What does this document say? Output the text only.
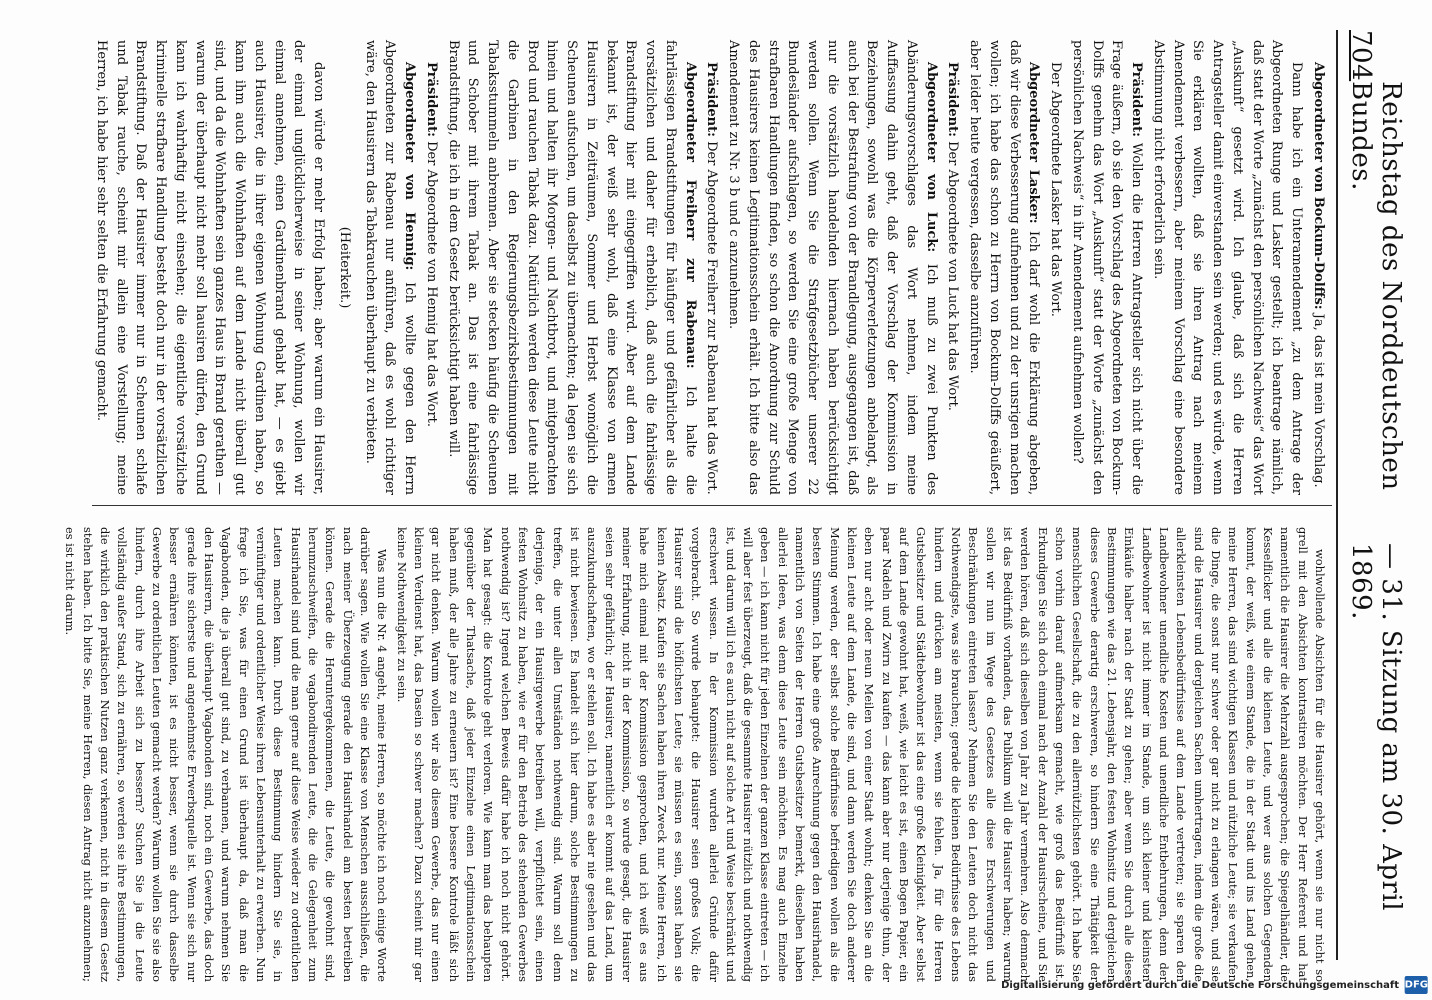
704
Reichstag des Norddeutschen Bundes.
— 31. Sitzung am 30. April 1869.

Abgeordneter von Bockum-Dolffs: Ja, das ist mein Vorschlag.

Dann habe ich ein Unteramendement „zu dem Antrage der Abgeordneten Runge und Lasker gestellt; ich beantrage nämlich, daß statt der Worte „zunächst den persönlichen Nachweis“ das Wort „Auskunft“ gesetzt wird. Ich glaube, daß sich die Herren Antragsteller damit einverstanden sein werden; und es würde, wenn Sie erklären wollten, daß sie ihren Antrag nach meinem Amendement verbessern, aber meinem Vorschlag eine besondere Abstimmung nicht erforderlich sein.

Präsident: Wollen die Herren Antragsteller sich nicht über die Frage äußern, ob sie den Vorschlag des Abgeordneten von Bockum-Dolffs genehm das Wort „Auskunft“ statt der Worte „zunächst den persönlichen Nachweis“ in ihr Amendement aufnehmen wollen?

Der Abgeordnete Lasker hat das Wort.

Abgeordneter Lasker: Ich darf wohl die Erklärung abgeben, daß wir diese Verbesserung aufnehmen und zu der unsrigen machen wollen; ich habe das schon zu Herrn von Bockum-Dolffs geäußert, aber leider heute vergessen, dasselbe anzuführen.

Präsident: Der Abgeordnete von Luck hat das Wort.

Abgeordneter von Luck: Ich muß zu zwei Punkten des Abänderungsvorschlages das Wort nehmen, indem meine Auffassung dahin geht, daß der Vorschlag der Kommission in Beziehungen, sowohl was die Körperverletzungen anbelangt, als auch bei der Bestrafung von der Brandlegung, ausgegangen ist, daß nur die vorsätzlich handelnden hiernach haben berücksichtigt werden sollen. Wenn Sie die Strafgesetzbücher unserer 22 Bundesländer aufschlagen, so werden Sie eine große Menge von strafbaren Handlungen finden, so schon die Anordnung zur Schuld des Hausirers keinen Legitimationsschein erhält. Ich bitte also das Amendement zu Nr. 3 b und c anzunehmen.

Präsident: Der Abgeordnete Freiherr zur Rabenau hat das Wort.

Abgeordneter Freiherr zur Rabenau: Ich halte die fahrlässigen Brandstiftungen für häufiger und gefährlicher als die vorsätzlichen und daher für erheblich, daß auch die fahrlässige Brandstiftung hier mit eingegriffen wird. Aber auf dem Lande bekannt ist, der weiß sehr wohl, daß eine Klasse von armen Hausirern in Zeiträumen, Sommer und Herbst womöglich die Scheunen aufsuchen, um daselbst zu übernachten; da legen sie sich hinein und halten ihr Morgen- und Nachtbrot, und mitgebrachten Brod und rauchen Tabak dazu. Natürlich werden diese Leute nicht die Garbinen in den Regierungsbezirksbestimmungen mit Tabaksstummeln anbrennen. Aber sie stecken häufig die Scheunen und Schober mit ihrem Tabak an. Das ist eine fahrlässige Brandstiftung, die ich in dem Gesetz berücksichtigt haben will.

Präsident: Der Abgeordnete von Hennig hat das Wort.

Abgeordneter von Hennig: Ich wollte gegen den Herrn Abgeordneten zur Rabenau nur anführen, daß es wohl richtiger wäre, den Hausirern das Tabakrauchen überhaupt zu verbieten.

(Heiterkeit.)

davon würde er mehr Erfolg haben; aber warum ein Hausirer, der einmal unglücklicherweise in seiner Wohnung, wollen wir einmal annehmen, einen Gardinenbrand gehabt hat, — es giebt auch Hausirer, die in ihrer eigenen Wohnung Gardinen haben, so kann ihm auch die Wohnhaften auf dem Lande nicht überall gut sind, und da die Wohnhaften sein ganzes Haus in Brand gerathen — warum der überhaupt nicht mehr soll hausiren dürfen, den Grund kann ich wahrhaftig nicht einsehen; die eigentliche vorsätzliche kriminelle strafbare Handlung besteht doch nur in der vorsätzlichen Brandstiftung. Daß der Hausirer immer nur in Scheunen schlafe und Tabak rauche, scheint mir allein eine Vorstellung; meine Herren, ich habe hier sehr selten die Erfahrung gemacht.

wohlwollende Absichten für die Hausirer gehört, wenn sie nur nicht so grell mit den Absichten kontrastiren möchten. Der Herr Referent und hat namentlich die Hausirer die Mehrzahl ausgesprochen; die Spiegelhändler, die Kesselflicker und alle die kleinen Leute, und wer aus solchen Gegenden kommt, der weiß, wie einem Stande, die in der Stadt und ins Land gehen, meine Herren, das sind wichtigen Klassen und nützliche Leute; sie verkaufen die Dinge, die sonst nur schwer oder gar nicht zu erlangen wären, und sie sind die Hausirer und dergleichen Sachen umhertragen, indem die große die allerkleinsten Lebensbedürfnisse auf dem Lande vertreten; sie sparen den Landbewohner unendliche Kosten und unendliche Entbehrungen, denn der Landbewohner ist nicht immer im Stande, um sich kleiner und kleinsten Einkäufe halber nach der Stadt zu gehen; aber wenn Sie durch alle diese Bestimmungen wie das 21. Lebensjahr, den festen Wohnsitz und dergleichen dieses Gewerbe derartig erschweren, so hindern Sie eine Thätigkeit der menschlichen Gesellschaft, die zu den allernützlichsten gehört. Ich habe Sie schon vorhin darauf aufmerksam gemacht, wie groß das Bedürfniß ist. Erkundigen Sie sich doch einmal nach der Anzahl der Hausirscheine, und Sie werden hören, daß sich dieselben von Jahr zu Jahr vermehren. Also demnach ist das Bedürfniß vorhanden, das Publikum will die Hausirer haben; warum sollen wir nun im Wege des Gesetzes alle diese Erschwerungen und Beschränkungen eintreten lassen? Nehmen Sie den Leuten doch nicht das Nothwendigste, was sie brauchen; gerade die kleinen Bedürfnisse des Lebens hindern und drücken am meisten, wenn sie fehlen. Ja, für die Herren Gutsbesitzer und Städtebewohner ist das eine große Kleinigkeit. Aber selbst auf dem Lande gewohnt hat, weiß, wie leicht es ist, einen Bogen Papier, ein paar Nadeln und Zwirn zu kaufen — das kann aber nur derjenige thun, der eben nur acht oder neun Meilen von einer Stadt wohnt; denken Sie an die kleinen Leute auf dem Lande, die sind, und dann werden Sie doch anderer Meinung werden, der selbst solche Bedürfnisse befriedigen wollen als die besten Stimmen. Ich habe eine große Anrechnung gegen den Hausirhandel, namentlich von Seiten der Herren Gutsbesitzer bemerkt, dieselben haben allerlei Ideen, was denn diese Leute sein möchten. Es mag auch Einzelne geben — ich kann nicht für jeden Einzelnen der ganzen Klasse eintreten — ich will aber fest überzeugt, daß die gesammte Hausirer nützlich und nothwendig ist, und darum will ich es auch nicht auf solche Art und Weise beschränkt und erschwert wissen. In der Kommission wurden allerlei Gründe dafür vorgebracht. So wurde behauptet: die Hausirer seien großes Volk; die Hausirer sind die höflichsten Leute; sie müssen es sein, sonst haben sie keinen Absatz. Kaufen sie Sachen haben ihren Zweck nur. Meine Herren, ich habe mich einmal mit der Kommission gesprochen, und ich weiß es aus meiner Erfahrung, nicht in der Kommission, so wurde gesagt, die Hausirer seien sehr gefährlich; der Hausirer, namentlich er kommt auf das Land, um auszukundschaften, wo er stehlen soll. Ich habe es aber nie gesehen und das ist nicht bewiesen. Es handelt sich hier darum, solche Bestimmungen zu treffen, die unter allen Umständen nothwendig sind. Warum soll denn derjenige, der ein Hausirgewerbe betreiben will, verpflichtet sein, einen festen Wohnsitz zu haben, wie er für den Betrieb des stehenden Gewerbes nothwendig ist? Irgend welchen Beweis dafür habe ich noch nicht gehört. Man hat gesagt: die Kontrole geht verloren. Wie kann man das behaupten gegenüber der Thatsache, daß jeder Einzelne einen Legitimationsschein haben muß, der alle Jahre zu erneuern ist? Eine bessere Kontrole läßt sich gar nicht denken. Warum wollen wir also diesem Gewerbe, das nur einen kleinen Verdienst hat, das Dasein so schwer machen? Dazu scheint mir gar keine Nothwendigkeit zu sein.

Was nun die Nr. 4 angeht, meine Herren, so möchte ich noch einige Worte darüber sagen. Wie wollen Sie eine Klasse von Menschen ausschließen, die nach meiner Überzeugung gerade den Hausirhandel am besten betreiben können. Gerade die Heruntergekommenen, die Leute, die gewohnt sind, herumzuschweifen, die vagabondirenden Leute, die die Gelegenheit zum Hausirhandel sind und die man gerne auf diese Weise wieder zu ordentlichen Leuten machen kann. Durch diese Bestimmung hindern Sie sie, in vernünftiger und ordentlicher Weise ihren Lebensunterhalt zu erwerben. Nun frage ich Sie, was für einen Grund ist überhaupt da, daß man die Vagabonden, die ja überall gut sind, zu verbannen, und warum nehmen Sie den Hausirern, die überhaupt Vagabonden sind, noch ein Gewerbe, das doch gerade ihre sicherste und angenehmste Erwerbsquelle ist. Wenn sie sich nur besser ernähren könnten, ist es nicht besser, wenn sie durch dasselbe Gewerbe zu ordentlichen Leuten gemacht werden? Warum wollen Sie sie also hindern, durch ihre Arbeit sich zu bessern? Suchen Sie ja die Leute vollständig außer Stand, sich zu ernähren, so werden sie ihre Bestimmungen, die wirklich den praktischen Nutzen ganz verkennen, nicht in diesem Gesetz stehen haben. Ich bitte Sie, meine Herren, diesen Antrag nicht anzunehmen; es ist nicht darum.

DFG
Digitalisierung gefördert durch die Deutsche Forschungsgemeinschaft
